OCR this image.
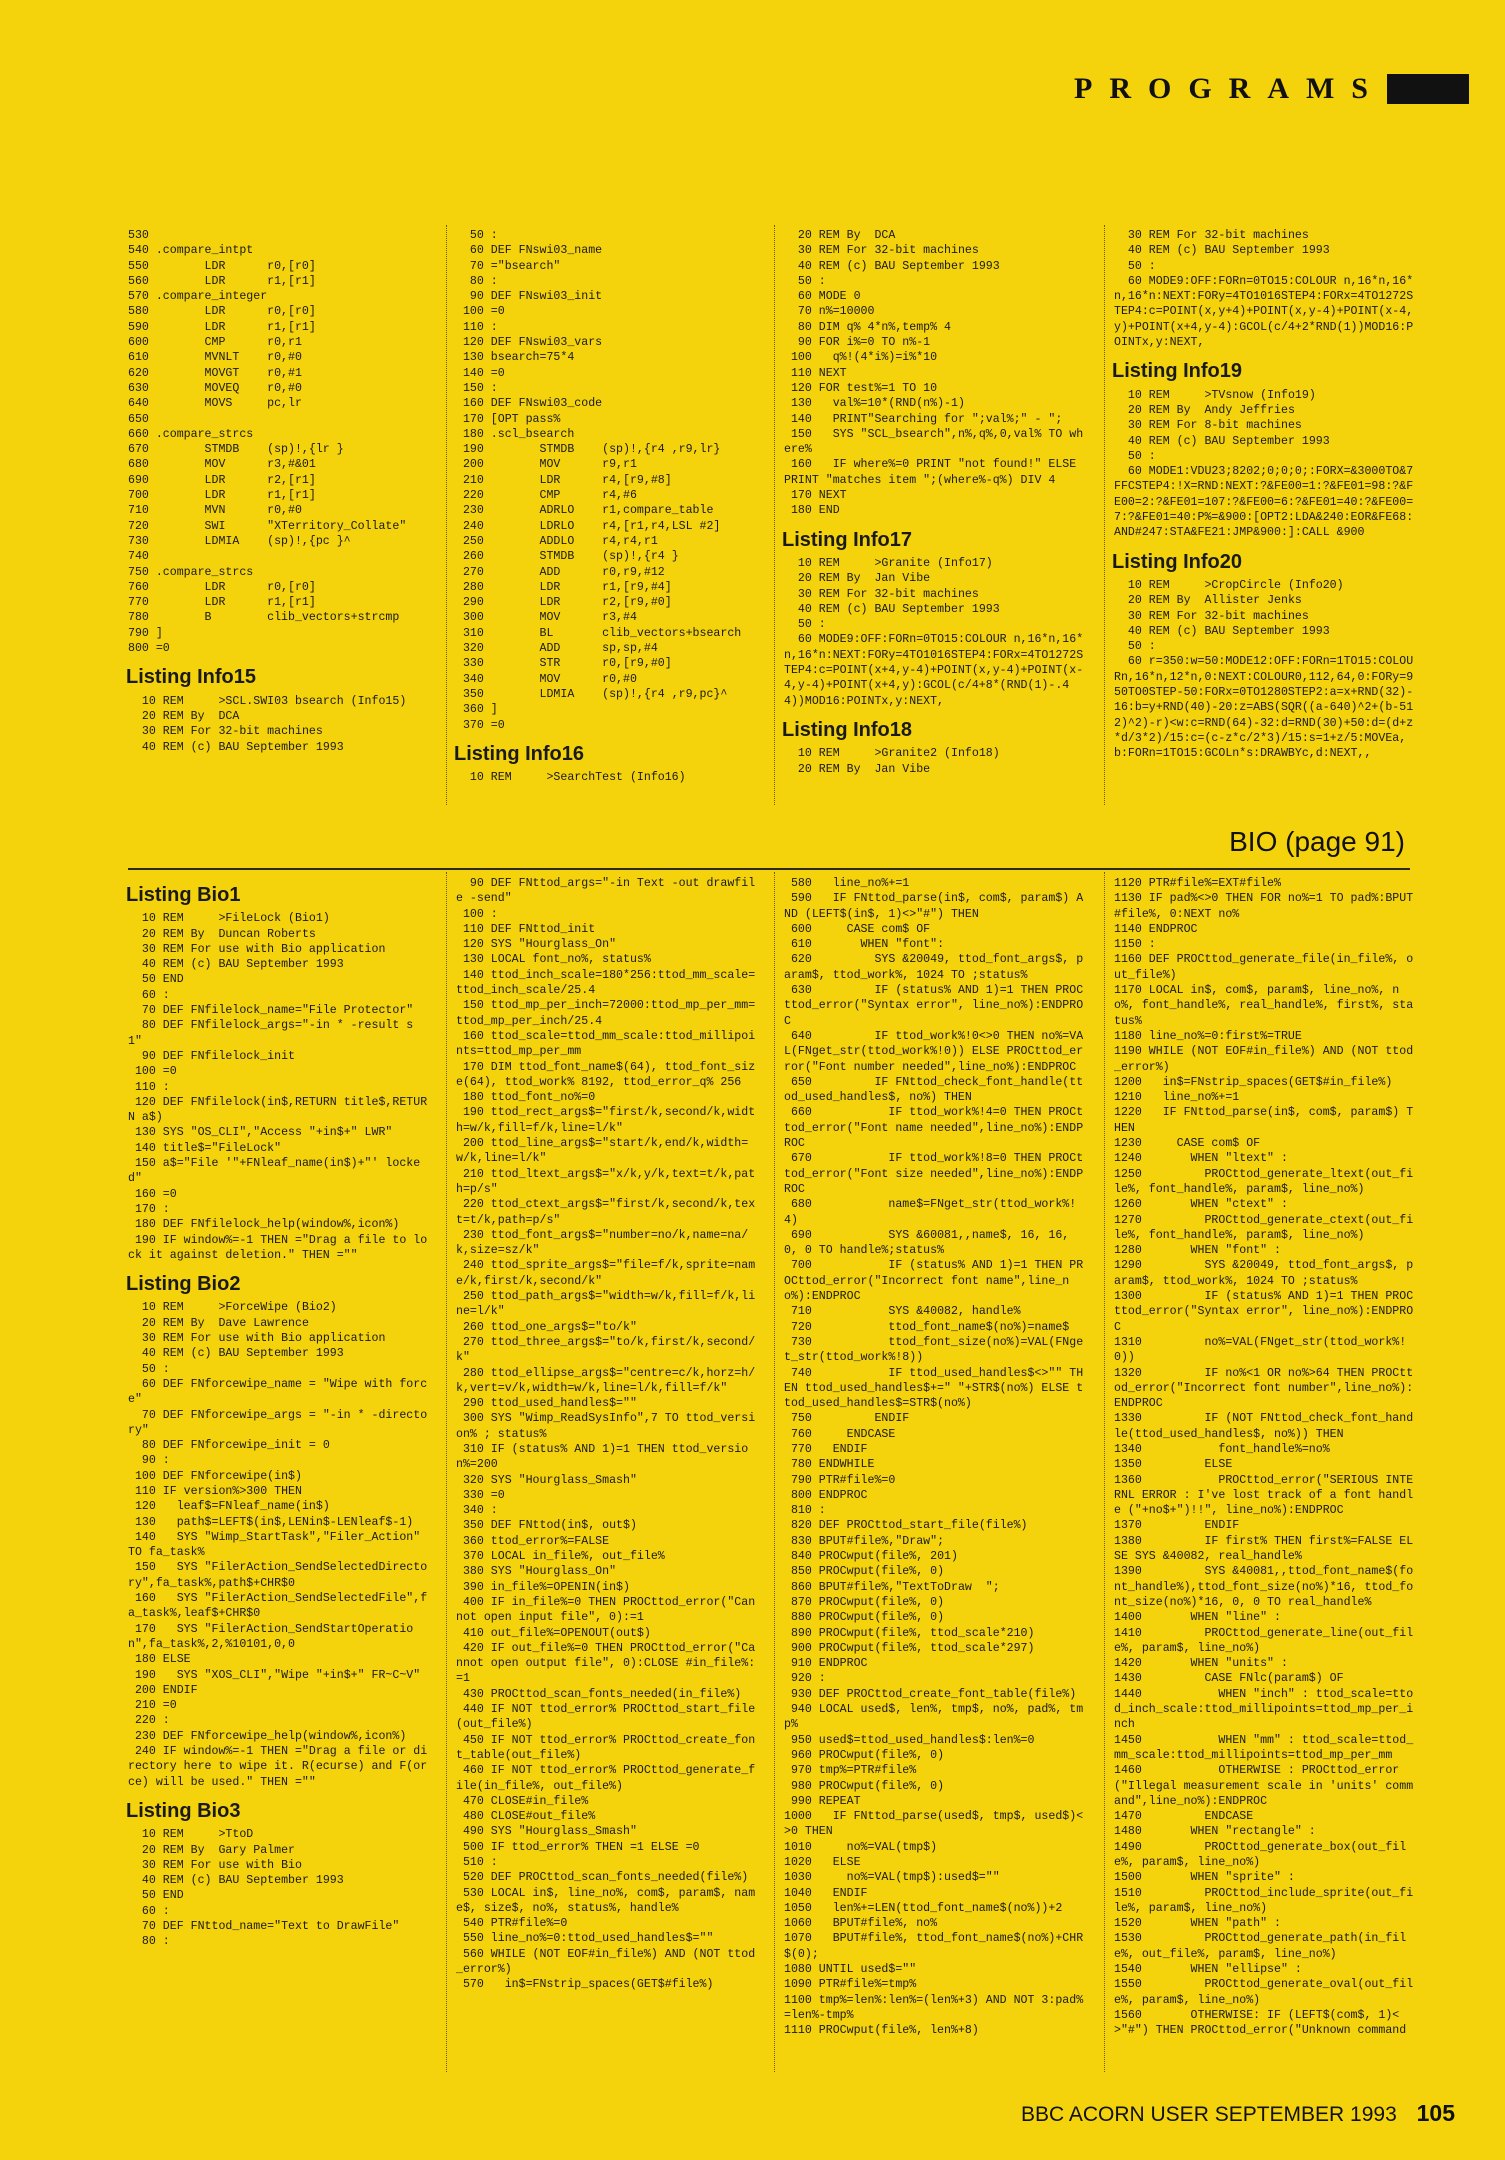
PROGRAMS
530
540 .compare_intpt
550        LDR      r0,[r0]
560        LDR      r1,[r1]
570 .compare_integer
580        LDR      r0,[r0]
590        LDR      r1,[r1]
600        CMP      r0,r1
610        MVNLT    r0,#0
620        MOVGT    r0,#1
630        MOVEQ    r0,#0
640        MOVS     pc,lr
650
660 .compare_strcs
670        STMDB    (sp)!,{lr }
680        MOV      r3,#&01
690        LDR      r2,[r1]
700        LDR      r1,[r1]
710        MVN      r0,#0
720        SWI      "XTerritory_Collate"
730        LDMIA    (sp)!,{pc }^
740
750 .compare_strcs
760        LDR      r0,[r0]
770        LDR      r1,[r1]
780        B        clib_vectors+strcmp
790 ]
800 =0
Listing Info15
10 REM     >SCL.SWI03 bsearch (Info15)
20 REM By  DCA
30 REM For 32-bit machines
40 REM (c) BAU September 1993
50 :
60 DEF FNswi03_name
70 ="bsearch"
80 :
90 DEF FNswi03_init
100 =0
110 :
120 DEF FNswi03_vars
130 bsearch=75*4
140 =0
150 :
160 DEF FNswi03_code
170 [OPT pass%
180 .scl_bsearch
190        STMDB    (sp)!,{r4 ,r9,lr}
200        MOV      r9,r1
210        LDR      r4,[r9,#8]
220        CMP      r4,#6
230        ADRLO    r1,compare_table
240        LDRLO    r4,[r1,r4,LSL #2]
250        ADDLO    r4,r4,r1
260        STMDB    (sp)!,{r4 }
270        ADD      r0,r9,#12
280        LDR      r1,[r9,#4]
290        LDR      r2,[r9,#0]
300        MOV      r3,#4
310        BL       clib_vectors+bsearch
320        ADD      sp,sp,#4
330        STR      r0,[r9,#0]
340        MOV      r0,#0
350        LDMIA    (sp)!,{r4 ,r9,pc}^
360 ]
370 =0
Listing Info16
10 REM     >SearchTest (Info16)
20 REM By  DCA
30 REM For 32-bit machines
40 REM (c) BAU September 1993
50 :
60 MODE 0
70 n%=10000
80 DIM q% 4*n%,temp% 4
90 FOR i%=0 TO n%-1
100   q%!(4*i%)=i%*10
110 NEXT
120 FOR test%=1 TO 10
130   val%=10*(RND(n%)-1)
140   PRINT"Searching for ";val%;" - ";
150   SYS "SCL_bsearch",n%,q%,0,val% TO where%
160   IF where%=0 PRINT "not found!" ELSE PRINT "matches item ";(where%-q%) DIV 4
170 NEXT
180 END
Listing Info17
10 REM     >Granite (Info17)
20 REM By  Jan Vibe
30 REM For 32-bit machines
40 REM (c) BAU September 1993
50 :
60 MODE9:OFF:FORn=0TO15:COLOUR n,16*n,16*n,16*n:NEXT:FORy=4TO1016STEP4:FORx=4TO1272STEP4:c=POINT(x+4,y-4)+POINT(x,y-4)+POINT(x-4,y-4)+POINT(x+4,y):GCOL(c/4+8*(RND(1)-.44))MOD16:POINTx,y:NEXT,
Listing Info18
10 REM     >Granite2 (Info18)
20 REM By  Jan Vibe
30 REM For 32-bit machines
40 REM (c) BAU September 1993
50 :
60 MODE9:OFF:FORn=0TO15:COLOUR n,16*n,16*n,16*n:NEXT:FORy=4TO1016STEP4:FORx=4TO1272STEP4:c=POINT(x,y+4)+POINT(x,y-4)+POINT(x-4,y)+POINT(x+4,y-4):GCOL(c/4+2*RND(1))MOD16:POINTx,y:NEXT,
Listing Info19
10 REM     >TVsnow (Info19)
20 REM By  Andy Jeffries
30 REM For 8-bit machines
40 REM (c) BAU September 1993
50 :
60 MODE1:VDU23;8202;0;0;0;:FORX=&3000TO&7FFCSTEP4:!X=RND:NEXT:?&FE00=1:?&FE01=98:?&FE00=2:?&FE01=107:?&FE00=6:?&FE01=40:?&FE00=7:?&FE01=40:P%=&900:[OPT2:LDA&240:EOR&FE68:AND#247:STA&FE21:JMP&900:]:CALL &900
Listing Info20
10 REM     >CropCircle (Info20)
20 REM By  Allister Jenks
30 REM For 32-bit machines
40 REM (c) BAU September 1993
50 :
60 r=350:w=50:MODE12:OFF:FORn=1TO15:COLOURn,16*n,12*n,0:NEXT:COLOUR0,112,64,0:FORy=950TO0STEP-50:FORx=0TO1280STEP2:a=x+RND(32)-16:b=y+RND(40)-20:z=ABS(SQR((a-640)^2+(b-512)^2)-r)<w:c=RND(64)-32:d=RND(30)+50:d=(d+z*d/3*2)/15:c=(c-z*c/2*3)/15:s=1+z/5:MOVEa,b:FORn=1TO15:GCOLn*s:DRAWBYc,d:NEXT,,
BIO (page 91)
Listing Bio1
10 REM     >FileLock (Bio1)
20 REM By  Duncan Roberts
30 REM For use with Bio application
40 REM (c) BAU September 1993
50 END
60 :
70 DEF FNfilelock_name="File Protector"
80 DEF FNfilelock_args="-in * -result s 1"
90 DEF FNfilelock_init
100 =0
110 :
120 DEF FNfilelock(in$,RETURN title$,RETURN a$)
130 SYS "OS_CLI","Access "+in$+" LWR"
140 title$="FileLock"
150 a$="File '"+FNleaf_name(in$)+"' locked"
160 =0
170 :
180 DEF FNfilelock_help(window%,icon%)
190 IF window%=-1 THEN ="Drag a file to lock it against deletion." THEN =""
Listing Bio2
10 REM     >ForceWipe (Bio2)
20 REM By  Dave Lawrence
30 REM For use with Bio application
40 REM (c) BAU September 1993
50 :
60 DEF FNforcewipe_name = "Wipe with force"
70 DEF FNforcewipe_args = "-in * -directory"
80 DEF FNforcewipe_init = 0
90 :
100 DEF FNforcewipe(in$)
110 IF version%>300 THEN
120   leaf$=FNleaf_name(in$)
130   path$=LEFT$(in$,LENin$-LENleaf$-1)
140   SYS "Wimp_StartTask","Filer_Action" TO fa_task%
150   SYS "FilerAction_SendSelectedDirectory",fa_task%,path$+CHR$0
160   SYS "FilerAction_SendSelectedFile",fa_task%,leaf$+CHR$0
170   SYS "FilerAction_SendStartOperation",fa_task%,2,%10101,0,0
180 ELSE
190   SYS "XOS_CLI","Wipe "+in$+" FR~C~V"
200 ENDIF
210 =0
220 :
230 DEF FNforcewipe_help(window%,icon%)
240 IF window%=-1 THEN ="Drag a file or directory here to wipe it. R(ecurse) and F(orce) will be used." THEN =""
Listing Bio3
10 REM     >TtoD
20 REM By  Gary Palmer
30 REM For use with Bio
40 REM (c) BAU September 1993
50 END
60 :
70 DEF FNttod_name="Text to DrawFile"
80 :
90 DEF FNttod_args="-in Text -out drawfile -send"
100 :
110 DEF FNttod_init
120 SYS "Hourglass_On"
130 LOCAL font_no%, status%
140 ttod_inch_scale=180*256:ttod_mm_scale=ttod_inch_scale/25.4
150 ttod_mp_per_inch=72000:ttod_mp_per_mm=ttod_mp_per_inch/25.4
160 ttod_scale=ttod_mm_scale:ttod_millipoints=ttod_mp_per_mm
170 DIM ttod_font_name$(64), ttod_font_size(64), ttod_work% 8192, ttod_error_q% 256
180 ttod_font_no%=0
190 ttod_rect_args$="first/k,second/k,width=w/k,fill=f/k,line=l/k"
200 ttod_line_args$="start/k,end/k,width=w/k,line=l/k"
210 ttod_ltext_args$="x/k,y/k,text=t/k,path=p/s"
220 ttod_ctext_args$="first/k,second/k,text=t/k,path=p/s"
230 ttod_font_args$="number=no/k,name=na/k,size=sz/k"
240 ttod_sprite_args$="file=f/k,sprite=name/k,first/k,second/k"
250 ttod_path_args$="width=w/k,fill=f/k,line=l/k"
260 ttod_one_args$="to/k"
270 ttod_three_args$="to/k,first/k,second/k"
280 ttod_ellipse_args$="centre=c/k,horz=h/k,vert=v/k,width=w/k,line=l/k,fill=f/k"
290 ttod_used_handles$=""
300 SYS "Wimp_ReadSysInfo",7 TO ttod_version% ; status%
310 IF (status% AND 1)=1 THEN ttod_version%=200
320 SYS "Hourglass_Smash"
330 =0
340 :
350 DEF FNttod(in$, out$)
360 ttod_error%=FALSE
370 LOCAL in_file%, out_file%
380 SYS "Hourglass_On"
390 in_file%=OPENIN(in$)
400 IF in_file%=0 THEN PROCttod_error("Cannot open input file", 0):=1
410 out_file%=OPENOUT(out$)
420 IF out_file%=0 THEN PROCttod_error("Cannot open output file", 0):CLOSE #in_file%:=1
430 PROCttod_scan_fonts_needed(in_file%)
440 IF NOT ttod_error% PROCttod_start_file(out_file%)
450 IF NOT ttod_error% PROCttod_create_font_table(out_file%)
460 IF NOT ttod_error% PROCttod_generate_file(in_file%, out_file%)
470 CLOSE#in_file%
480 CLOSE#out_file%
490 SYS "Hourglass_Smash"
500 IF ttod_error% THEN =1 ELSE =0
510 :
520 DEF PROCttod_scan_fonts_needed(file%)
530 LOCAL in$, line_no%, com$, param$, name$, size$, no%, status%, handle%
540 PTR#file%=0
550 line_no%=0:ttod_used_handles$=""
560 WHILE (NOT EOF#in_file%) AND (NOT ttod_error%)
570   in$=FNstrip_spaces(GET$#file%)
580   line_no%+=1
590   IF FNttod_parse(in$, com$, param$) AND (LEFT$(in$, 1)<>"#") THEN
600     CASE com$ OF
610       WHEN "font":
620         SYS &20049, ttod_font_args$, param$, ttod_work%, 1024 TO ;status%
630         IF (status% AND 1)=1 THEN PROCttod_error("Syntax error", line_no%):ENDPROC
640         IF ttod_work%!0<>0 THEN no%=VAL(FNget_str(ttod_work%!0)) ELSE PROCttod_error("Font number needed",line_no%):ENDPROC
650         IF FNttod_check_font_handle(ttod_used_handles$, no%) THEN
660           IF ttod_work%!4=0 THEN PROCttod_error("Font name needed",line_no%):ENDPROC
670           IF ttod_work%!8=0 THEN PROCttod_error("Font size needed",line_no%):ENDPROC
680           name$=FNget_str(ttod_work%!4)
690           SYS &60081,,name$, 16, 16, 0, 0 TO handle%;status%
700           IF (status% AND 1)=1 THEN PROCttod_error("Incorrect font name",line_no%):ENDPROC
710           SYS &40082, handle%
720           ttod_font_name$(no%)=name$
730           ttod_font_size(no%)=VAL(FNget_str(ttod_work%!8))
740           IF ttod_used_handles$<>"" THEN ttod_used_handles$+=" "+STR$(no%) ELSE ttod_used_handles$=STR$(no%)
750         ENDIF
760     ENDCASE
770   ENDIF
780 ENDWHILE
790 PTR#file%=0
800 ENDPROC
810 :
820 DEF PROCttod_start_file(file%)
830 BPUT#file%,"Draw";
840 PROCwput(file%, 201)
850 PROCwput(file%, 0)
860 BPUT#file%,"TextToDraw  ";
870 PROCwput(file%, 0)
880 PROCwput(file%, 0)
890 PROCwput(file%, ttod_scale*210)
900 PROCwput(file%, ttod_scale*297)
910 ENDPROC
920 :
930 DEF PROCttod_create_font_table(file%)
940 LOCAL used$, len%, tmp$, no%, pad%, tmp%
950 used$=ttod_used_handles$:len%=0
960 PROCwput(file%, 0)
970 tmp%=PTR#file%
980 PROCwput(file%, 0)
990 REPEAT
1000   IF FNttod_parse(used$, tmp$, used$)<>0 THEN
1010     no%=VAL(tmp$)
1020   ELSE
1030     no%=VAL(tmp$):used$=""
1040   ENDIF
1050   len%+=LEN(ttod_font_name$(no%))+2
1060   BPUT#file%, no%
1070   BPUT#file%, ttod_font_name$(no%)+CHR$(0);
1080 UNTIL used$=""
1090 PTR#file%=tmp%
1100 tmp%=len%:len%=(len%+3) AND NOT 3:pad%=len%-tmp%
1110 PROCwput(file%, len%+8)
1120 PTR#file%=EXT#file%
1130 IF pad%<>0 THEN FOR no%=1 TO pad%:BPUT#file%, 0:NEXT no%
1140 ENDPROC
1150 :
1160 DEF PROCttod_generate_file(in_file%, out_file%)
1170 LOCAL in$, com$, param$, line_no%, no%, font_handle%, real_handle%, first%, status%
1180 line_no%=0:first%=TRUE
1190 WHILE (NOT EOF#in_file%) AND (NOT ttod_error%)
1200   in$=FNstrip_spaces(GET$#in_file%)
1210   line_no%+=1
1220   IF FNttod_parse(in$, com$, param$) THEN
1230     CASE com$ OF
1240       WHEN "ltext" :
1250         PROCttod_generate_ltext(out_file%, font_handle%, param$, line_no%)
1260       WHEN "ctext" :
1270         PROCttod_generate_ctext(out_file%, font_handle%, param$, line_no%)
1280       WHEN "font" :
1290         SYS &20049, ttod_font_args$, param$, ttod_work%, 1024 TO ;status%
1300         IF (status% AND 1)=1 THEN PROCttod_error("Syntax error", line_no%):ENDPROC
1310         no%=VAL(FNget_str(ttod_work%!0))
1320         IF no%<1 OR no%>64 THEN PROCttod_error("Incorrect font number",line_no%):ENDPROC
1330         IF (NOT FNttod_check_font_handle(ttod_used_handles$, no%)) THEN
1340           font_handle%=no%
1350         ELSE
1360           PROCttod_error("SERIOUS INTERNL ERROR : I've lost track of a font handle ("+no$+")!!", line_no%):ENDPROC
1370         ENDIF
1380         IF first% THEN first%=FALSE ELSE SYS &40082, real_handle%
1390         SYS &40081,,ttod_font_name$(font_handle%),ttod_font_size(no%)*16, ttod_font_size(no%)*16, 0, 0 TO real_handle%
1400       WHEN "line" :
1410         PROCttod_generate_line(out_file%, param$, line_no%)
1420       WHEN "units" :
1430         CASE FNlc(param$) OF
1440           WHEN "inch" : ttod_scale=ttod_inch_scale:ttod_millipoints=ttod_mp_per_inch
1450           WHEN "mm" : ttod_scale=ttod_mm_scale:ttod_millipoints=ttod_mp_per_mm
1460           OTHERWISE : PROCttod_error("Illegal measurement scale in 'units' command",line_no%):ENDPROC
1470         ENDCASE
1480       WHEN "rectangle" :
1490         PROCttod_generate_box(out_file%, param$, line_no%)
1500       WHEN "sprite" :
1510         PROCttod_include_sprite(out_file%, param$, line_no%)
1520       WHEN "path" :
1530         PROCttod_generate_path(in_file%, out_file%, param$, line_no%)
1540       WHEN "ellipse" :
1550         PROCttod_generate_oval(out_file%, param$, line_no%)
1560       OTHERWISE: IF (LEFT$(com$, 1)<>"#") THEN PROCttod_error("Unknown command
BBC ACORN USER SEPTEMBER 1993 105
